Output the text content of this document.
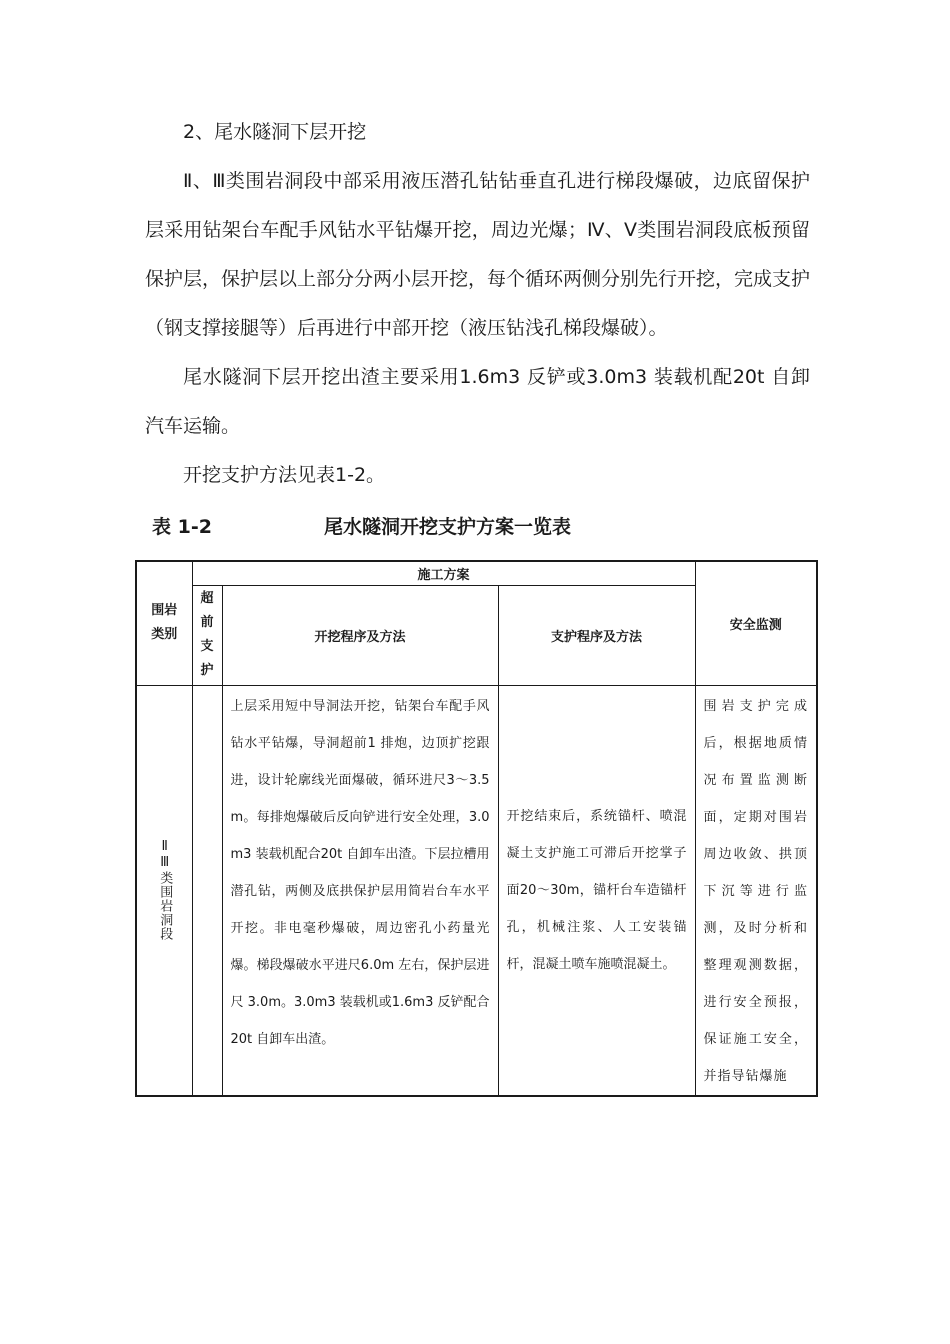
2、尾水隧洞下层开挖

Ⅱ、Ⅲ类围岩洞段中部采用液压潜孔钻钻垂直孔进行梯段爆破，边底留保护层采用钻架台车配手风钻水平钻爆开挖，周边光爆；Ⅳ、Ⅴ类围岩洞段底板预留保护层，保护层以上部分分两小层开挖，每个循环两侧分别先行开挖，完成支护（钢支撑接腿等）后再进行中部开挖（液压钻浅孔梯段爆破）。

尾水隧洞下层开挖出渣主要采用1.6m3 反铲或3.0m3 装载机配20t 自卸汽车运输。

开挖支护方法见表1-2。

表 1-2	尾水隧洞开挖支护方案一览表
围岩类别	施工方案			安全监测

	超前支护	开挖程序及方法	支护程序及方法	

ⅡⅢ类围岩洞段		上层采用短中导洞法开挖，钻架台车配手风钻水平钻爆，导洞超前1 排炮，边顶扩挖跟进，设计轮廓线光面爆破，循环进尺3～3.5m。每排炮爆破后反向铲进行安全处理，3.0m3 装载机配合20t 自卸车出渣。下层拉槽用潜孔钻，两侧及底拱保护层用简岩台车水平开挖。非电毫秒爆破，周边密孔小药量光爆。梯段爆破水平进尺6.0m 左右，保护层进尺 3.0m。3.0m3 装载机或1.6m3 反铲配合20t 自卸车出渣。	开挖结束后，系统锚杆、喷混凝土支护施工可滞后开挖掌子面20～30m，锚杆台车造锚杆孔，机械注浆、人工安装锚杆，混凝土喷车施喷混凝土。	围岩支护完成后，根据地质情况布置监测断面，定期对围岩周边收敛、拱顶下沉等进行监测，及时分析和整理观测数据，进行安全预报，保证施工安全，并指导钻爆施
